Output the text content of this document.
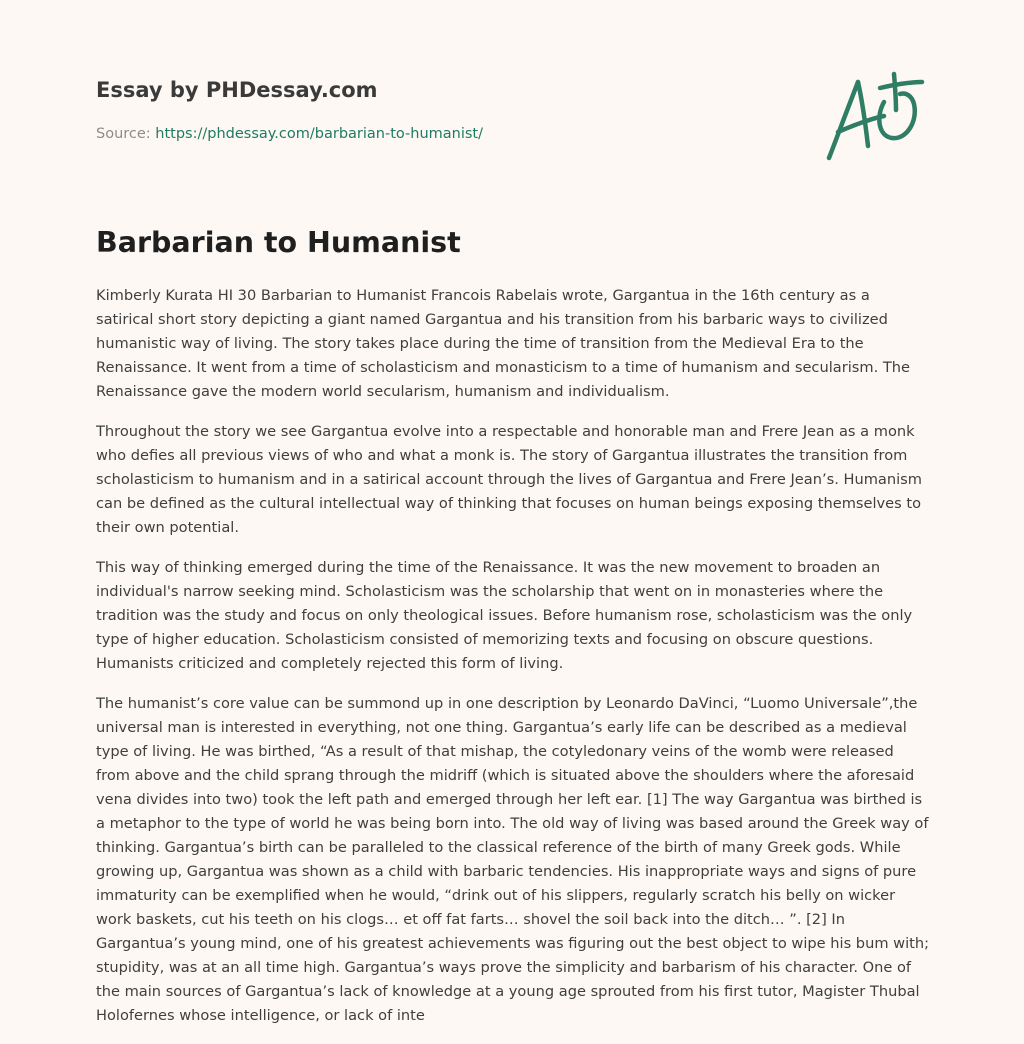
Essay by PHDessay.com
Source: https://phdessay.com/barbarian-to-humanist/
Barbarian to Humanist

Kimberly Kurata HI 30 Barbarian to Humanist Francois Rabelais wrote, Gargantua in the 16th century as a satirical short story depicting a giant named Gargantua and his transition from his barbaric ways to civilized humanistic way of living. The story takes place during the time of transition from the Medieval Era to the Renaissance. It went from a time of scholasticism and monasticism to a time of humanism and secularism. The Renaissance gave the modern world secularism, humanism and individualism.

Throughout the story we see Gargantua evolve into a respectable and honorable man and Frere Jean as a monk who defies all previous views of who and what a monk is. The story of Gargantua illustrates the transition from scholasticism to humanism and in a satirical account through the lives of Gargantua and Frere Jean’s. Humanism can be defined as the cultural intellectual way of thinking that focuses on human beings exposing themselves to their own potential.

This way of thinking emerged during the time of the Renaissance. It was the new movement to broaden an individual's narrow seeking mind. Scholasticism was the scholarship that went on in monasteries where the tradition was the study and focus on only theological issues. Before humanism rose, scholasticism was the only type of higher education. Scholasticism consisted of memorizing texts and focusing on obscure questions. Humanists criticized and completely rejected this form of living.

The humanist’s core value can be summond up in one description by Leonardo DaVinci, “Luomo Universale”,the universal man is interested in everything, not one thing. Gargantua’s early life can be described as a medieval type of living. He was birthed, “As a result of that mishap, the cotyledonary veins of the womb were released from above and the child sprang through the midriff (which is situated above the shoulders where the aforesaid vena divides into two) took the left path and emerged through her left ear. [1] The way Gargantua was birthed is a metaphor to the type of world he was being born into. The old way of living was based around the Greek way of thinking. Gargantua’s birth can be paralleled to the classical reference of the birth of many Greek gods. While growing up, Gargantua was shown as a child with barbaric tendencies. His inappropriate ways and signs of pure immaturity can be exemplified when he would, “drink out of his slippers, regularly scratch his belly on wicker work baskets, cut his teeth on his clogs… et off fat farts… shovel the soil back into the ditch… ”. [2] In Gargantua’s young mind, one of his greatest achievements was figuring out the best object to wipe his bum with; stupidity, was at an all time high. Gargantua’s ways prove the simplicity and barbarism of his character. One of the main sources of Gargantua’s lack of knowledge at a young age sprouted from his first tutor, Magister Thubal Holofernes whose intelligence, or lack of inte
